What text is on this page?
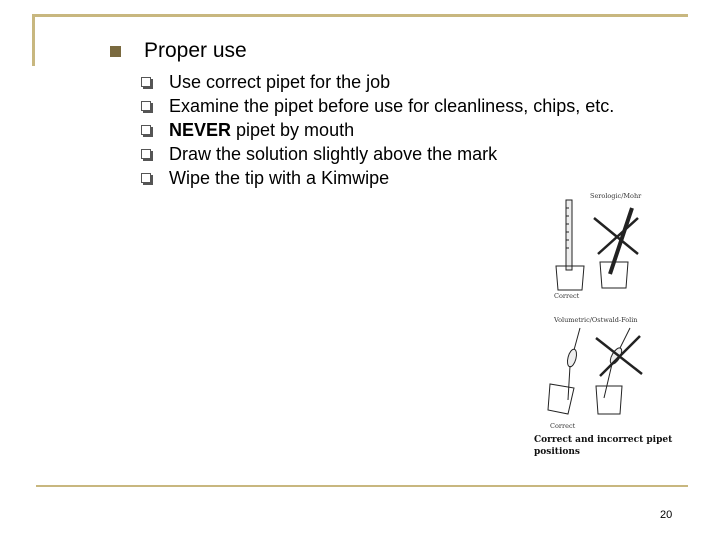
Proper use
Use correct pipet for the job
Examine the pipet before use for cleanliness, chips, etc.
NEVER pipet by mouth
Draw the solution slightly above the mark
Wipe the tip with a Kimwipe
Serologic/Mohr
Volumetric/Ostwald-Folin
Correct
Correct
Correct and incorrect pipet
positions
20
